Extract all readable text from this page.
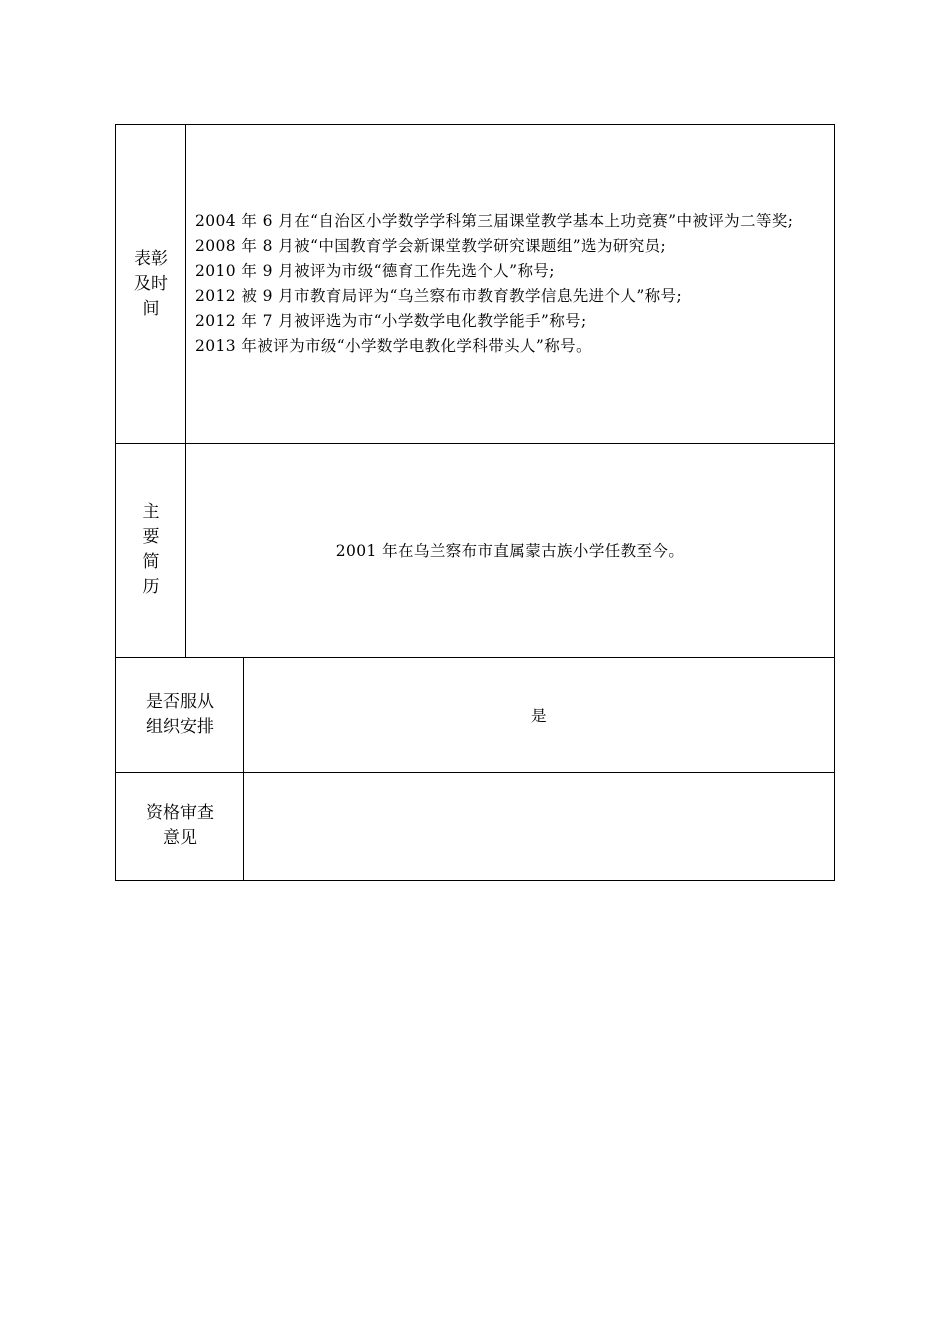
表彰
及时
间
2004 年 6 月在“自治区小学数学学科第三届课堂教学基本上功竞赛”中被评为二等奖;
2008 年 8 月被“中国教育学会新课堂教学研究课题组”选为研究员;
2010 年 9 月被评为市级“德育工作先选个人”称号;
2012 被 9 月市教育局评为“乌兰察布市教育教学信息先进个人”称号;
2012 年 7 月被评选为市“小学数学电化教学能手”称号;
2013 年被评为市级“小学数学电教化学科带头人”称号。
主
要
简
历
2001 年在乌兰察布市直属蒙古族小学任教至今。
是否服从组织安排
是
资格审查意见
